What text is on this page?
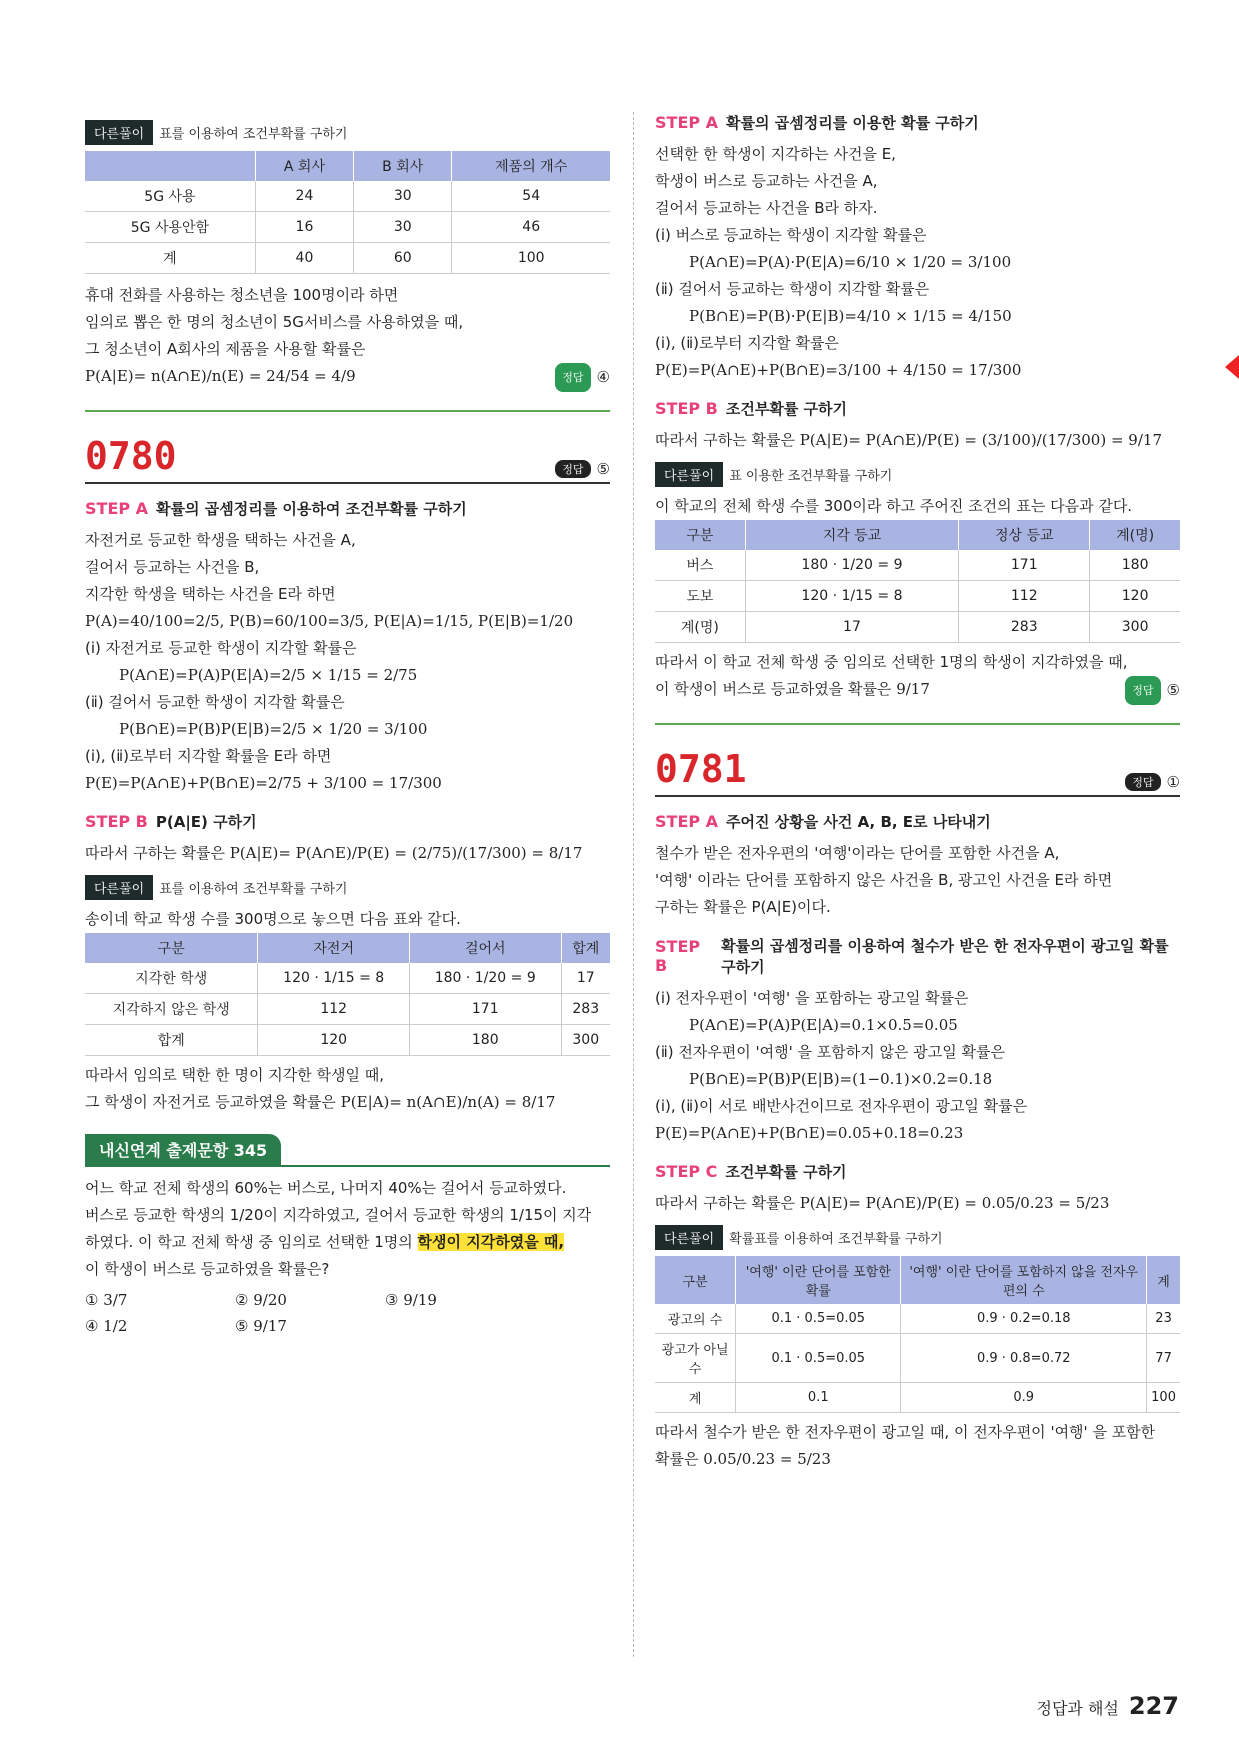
다른풀이	표를 이용하여 조건부확률 구하기
	A 회사	B 회사	제품의 개수
5G 사용	24	30	54
5G 사용안함	16	30	46
계	40	60	100
휴대 전화를 사용하는 청소년을 100명이라 하면
임의로 뽑은 한 명의 청소년이 5G서비스를 사용하였을 때,
그 청소년이 A회사의 제품을 사용할 확률은
P(A|E)= n(A∩E)/n(E) = 24/54 = 4/9	정답 ④
0780	정답 ⑤
STEP A 확률의 곱셈정리를 이용하여 조건부확률 구하기
자전거로 등교한 학생을 택하는 사건을 A,
걸어서 등교하는 사건을 B,
지각한 학생을 택하는 사건을 E라 하면
P(A)=40/100=2/5, P(B)=60/100=3/5, P(E|A)=1/15, P(E|B)=1/20
(ⅰ) 자전거로 등교한 학생이 지각할 확률은
P(A∩E)=P(A)P(E|A)=2/5 × 1/15 = 2/75
(ⅱ) 걸어서 등교한 학생이 지각할 확률은
P(B∩E)=P(B)P(E|B)=2/5 × 1/20 = 3/100
(ⅰ), (ⅱ)로부터 지각할 확률을 E라 하면
P(E)=P(A∩E)+P(B∩E)=2/75 + 3/100 = 17/300
STEP B P(A|E) 구하기
따라서 구하는 확률은 P(A|E)= P(A∩E)/P(E) = (2/75)/(17/300) = 8/17
다른풀이	표를 이용하여 조건부확률 구하기
송이네 학교 학생 수를 300명으로 놓으면 다음 표와 같다.
구분	자전거	걸어서	합계
지각한 학생	120 · 1/15 = 8	180 · 1/20 = 9	17
지각하지 않은 학생	112	171	283
합계	120	180	300
따라서 임의로 택한 한 명이 지각한 학생일 때,
그 학생이 자전거로 등교하였을 확률은 P(E|A)= n(A∩E)/n(A) = 8/17
내신연계 출제문항 345
어느 학교 전체 학생의 60%는 버스로, 나머지 40%는 걸어서 등교하였다.
버스로 등교한 학생의 1/20이 지각하였고, 걸어서 등교한 학생의 1/15이 지각
하였다. 이 학교 전체 학생 중 임의로 선택한 1명의 학생이 지각하였을 때,
이 학생이 버스로 등교하였을 확률은?
① 3/7	② 9/20	③ 9/19
④ 1/2	⑤ 9/17
STEP A 확률의 곱셈정리를 이용한 확률 구하기
선택한 한 학생이 지각하는 사건을 E,
학생이 버스로 등교하는 사건을 A,
걸어서 등교하는 사건을 B라 하자.
(ⅰ) 버스로 등교하는 학생이 지각할 확률은
P(A∩E)=P(A)·P(E|A)=6/10 × 1/20 = 3/100
(ⅱ) 걸어서 등교하는 학생이 지각할 확률은
P(B∩E)=P(B)·P(E|B)=4/10 × 1/15 = 4/150
(ⅰ), (ⅱ)로부터 지각할 확률은
P(E)=P(A∩E)+P(B∩E)=3/100 + 4/150 = 17/300
STEP B 조건부확률 구하기
따라서 구하는 확률은 P(A|E)= P(A∩E)/P(E) = (3/100)/(17/300) = 9/17
다른풀이	표 이용한 조건부확률 구하기
이 학교의 전체 학생 수를 300이라 하고 주어진 조건의 표는 다음과 같다.
구분	지각 등교	정상 등교	계(명)
버스	180 · 1/20 = 9	171	180
도보	120 · 1/15 = 8	112	120
계(명)	17	283	300
따라서 이 학교 전체 학생 중 임의로 선택한 1명의 학생이 지각하였을 때,
이 학생이 버스로 등교하였을 확률은 9/17	정답 ⑤
0781	정답 ①
STEP A 주어진 상황을 사건 A, B, E로 나타내기
철수가 받은 전자우편의 '여행'이라는 단어를 포함한 사건을 A,
'여행' 이라는 단어를 포함하지 않은 사건을 B, 광고인 사건을 E라 하면
구하는 확률은 P(A|E)이다.
STEP B
확률의 곱셈정리를 이용하여 철수가 받은 한 전자우편이 광고일 확률 구하기
(ⅰ) 전자우편이 '여행' 을 포함하는 광고일 확률은
P(A∩E)=P(A)P(E|A)=0.1×0.5=0.05
(ⅱ) 전자우편이 '여행' 을 포함하지 않은 광고일 확률은
P(B∩E)=P(B)P(E|B)=(1−0.1)×0.2=0.18
(ⅰ), (ⅱ)이 서로 배반사건이므로 전자우편이 광고일 확률은
P(E)=P(A∩E)+P(B∩E)=0.05+0.18=0.23
STEP C 조건부확률 구하기
따라서 구하는 확률은 P(A|E)= P(A∩E)/P(E) = 0.05/0.23 = 5/23
다른풀이	확률표를 이용하여 조건부확률 구하기
구분	'여행' 이란 단어를 포함한 확률	'여행' 이란 단어를 포함하지 않을 전자우편의 수	계
광고의 수	0.1 · 0.5=0.05	0.9 · 0.2=0.18	23
광고가 아닐 수	0.1 · 0.5=0.05	0.9 · 0.8=0.72	77
계	0.1	0.9	100
따라서 철수가 받은 한 전자우편이 광고일 때, 이 전자우편이 '여행' 을 포함한
확률은 0.05/0.23 = 5/23
정답과 해설 227
